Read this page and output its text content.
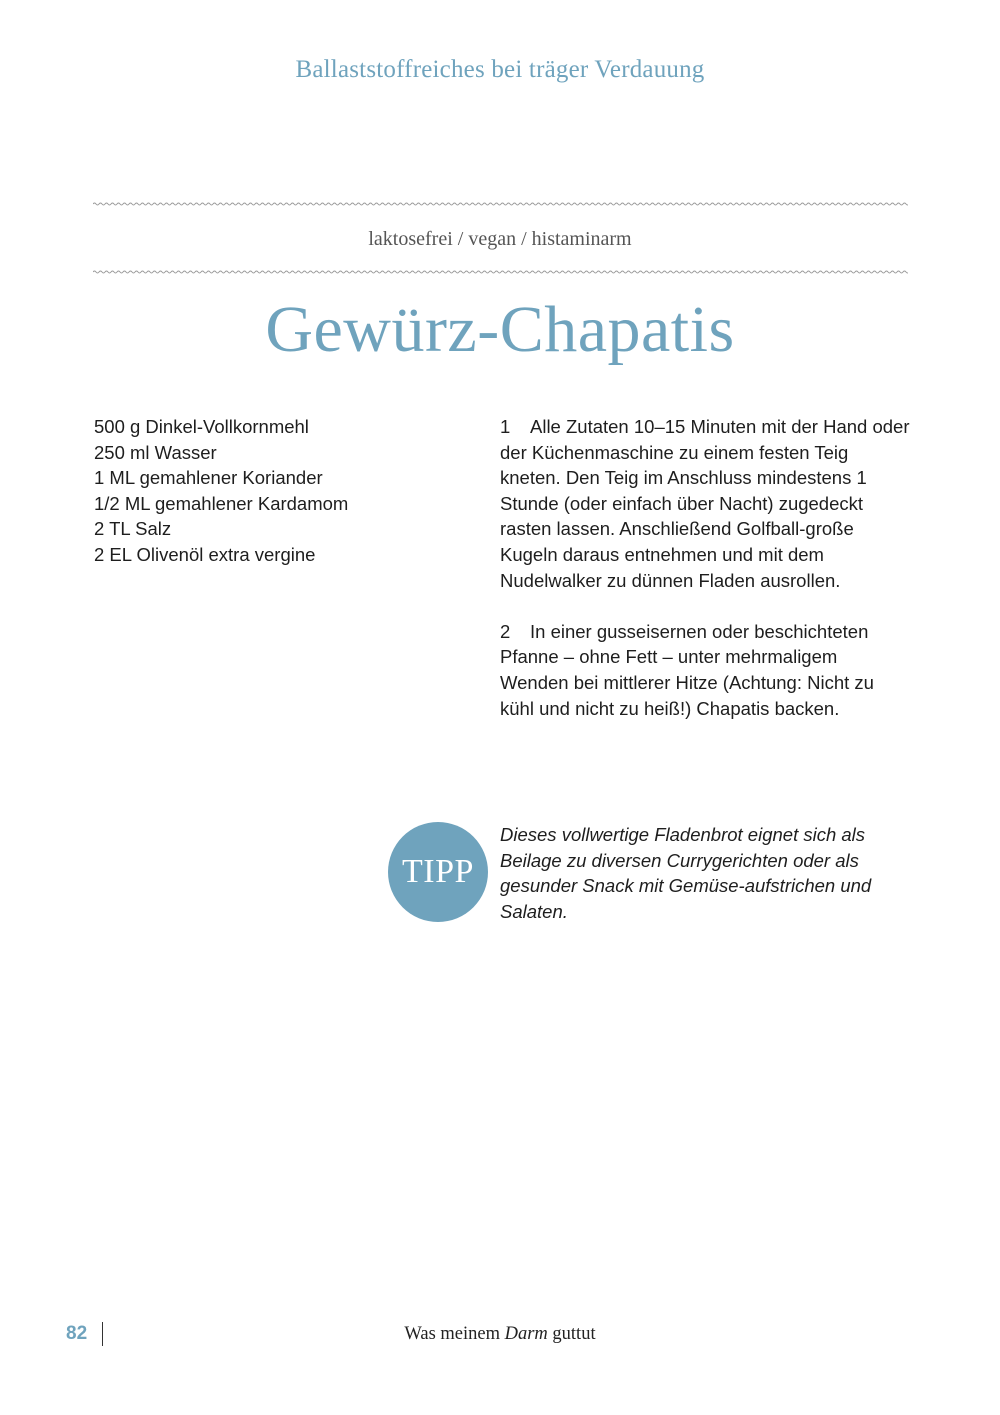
Ballaststoffreiches bei träger Verdauung
laktosefrei / vegan / histaminarm
Gewürz-Chapatis
500 g Dinkel-Vollkornmehl
250 ml Wasser
1 ML gemahlener Koriander
1/2 ML gemahlener Kardamom
2 TL Salz
2 EL Olivenöl extra vergine

1 Alle Zutaten 10–15 Minuten mit der Hand oder der Küchenmaschine zu einem festen Teig kneten. Den Teig im Anschluss mindestens 1 Stunde (oder einfach über Nacht) zugedeckt rasten lassen. Anschließend Golfball-große Kugeln daraus entnehmen und mit dem Nudelwalker zu dünnen Fladen ausrollen.

2 In einer gusseisernen oder beschichteten Pfanne – ohne Fett – unter mehrmaligem Wenden bei mittlerer Hitze (Achtung: Nicht zu kühl und nicht zu heiß!) Chapatis backen.

TIPP

Dieses vollwertige Fladenbrot eignet sich als Beilage zu diversen Currygerichten oder als gesunder Snack mit Gemüse-aufstrichen und Salaten.

82	Was meinem Darm guttut
